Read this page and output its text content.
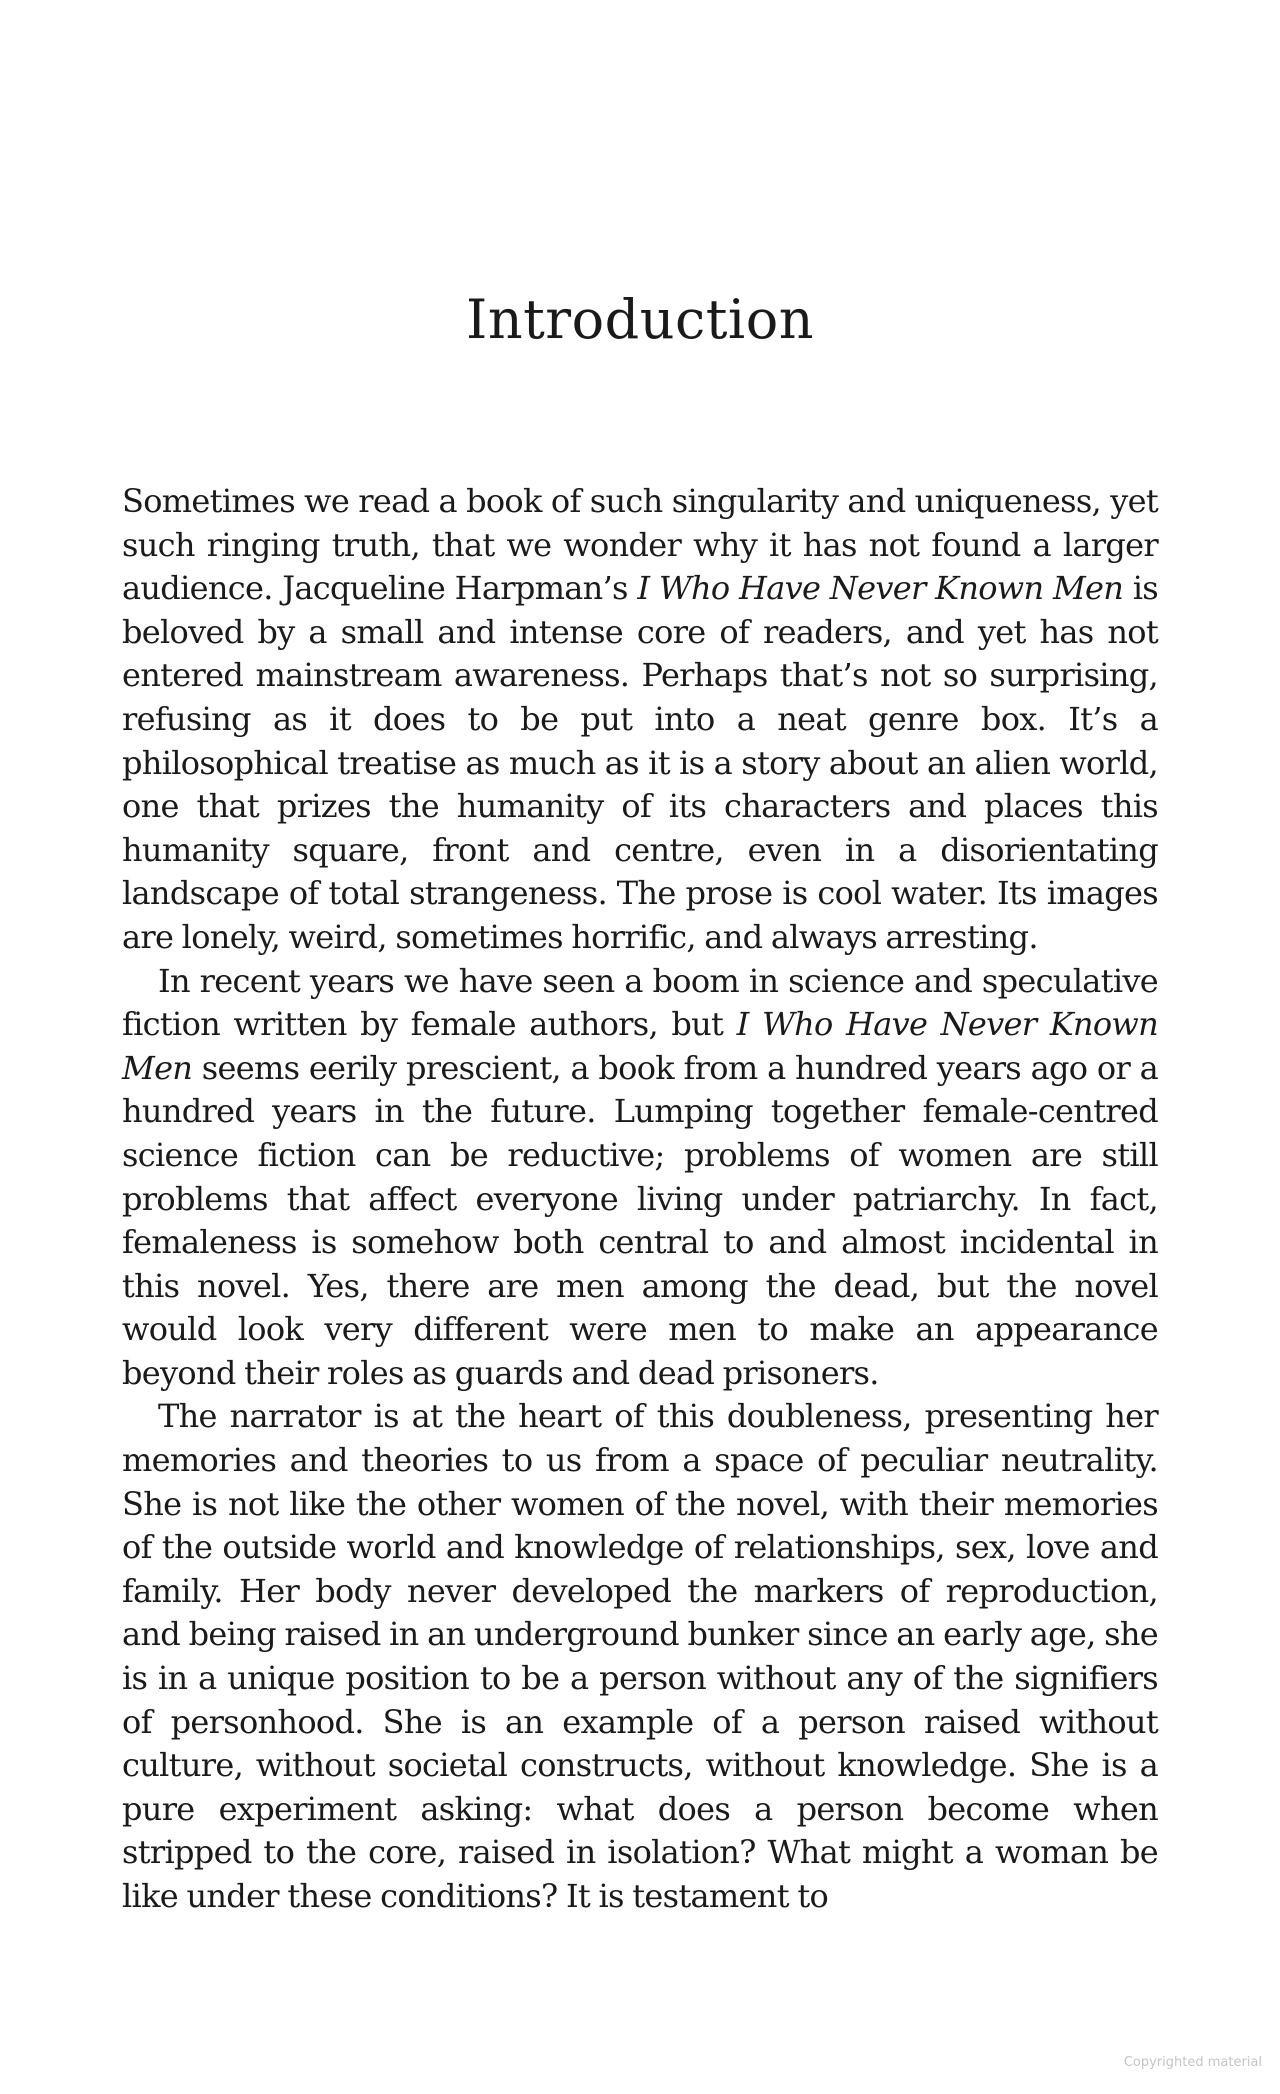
Introduction

Sometimes we read a book of such singularity and uniqueness, yet such ringing truth, that we wonder why it has not found a larger audience. Jacqueline Harpman’s I Who Have Never Known Men is beloved by a small and intense core of readers, and yet has not entered mainstream awareness. Perhaps that’s not so surprising, refusing as it does to be put into a neat genre box. It’s a philosophical treatise as much as it is a story about an alien world, one that prizes the humanity of its characters and places this humanity square, front and centre, even in a disorientating landscape of total strangeness. The prose is cool water. Its images are lonely, weird, sometimes horrific, and always arresting.

In recent years we have seen a boom in science and speculative fiction written by female authors, but I Who Have Never Known Men seems eerily prescient, a book from a hundred years ago or a hundred years in the future. Lumping together female-centred science fiction can be reductive; problems of women are still problems that affect everyone living under patriarchy. In fact, femaleness is somehow both central to and almost incidental in this novel. Yes, there are men among the dead, but the novel would look very different were men to make an appearance beyond their roles as guards and dead prisoners.

The narrator is at the heart of this doubleness, presenting her memories and theories to us from a space of peculiar neutrality. She is not like the other women of the novel, with their memories of the outside world and knowledge of relationships, sex, love and family. Her body never developed the markers of reproduction, and being raised in an underground bunker since an early age, she is in a unique position to be a person without any of the signifiers of personhood. She is an example of a person raised without culture, without societal constructs, without knowledge. She is a pure experiment asking: what does a person become when stripped to the core, raised in isolation? What might a woman be like under these conditions? It is testament to

Copyrighted material
